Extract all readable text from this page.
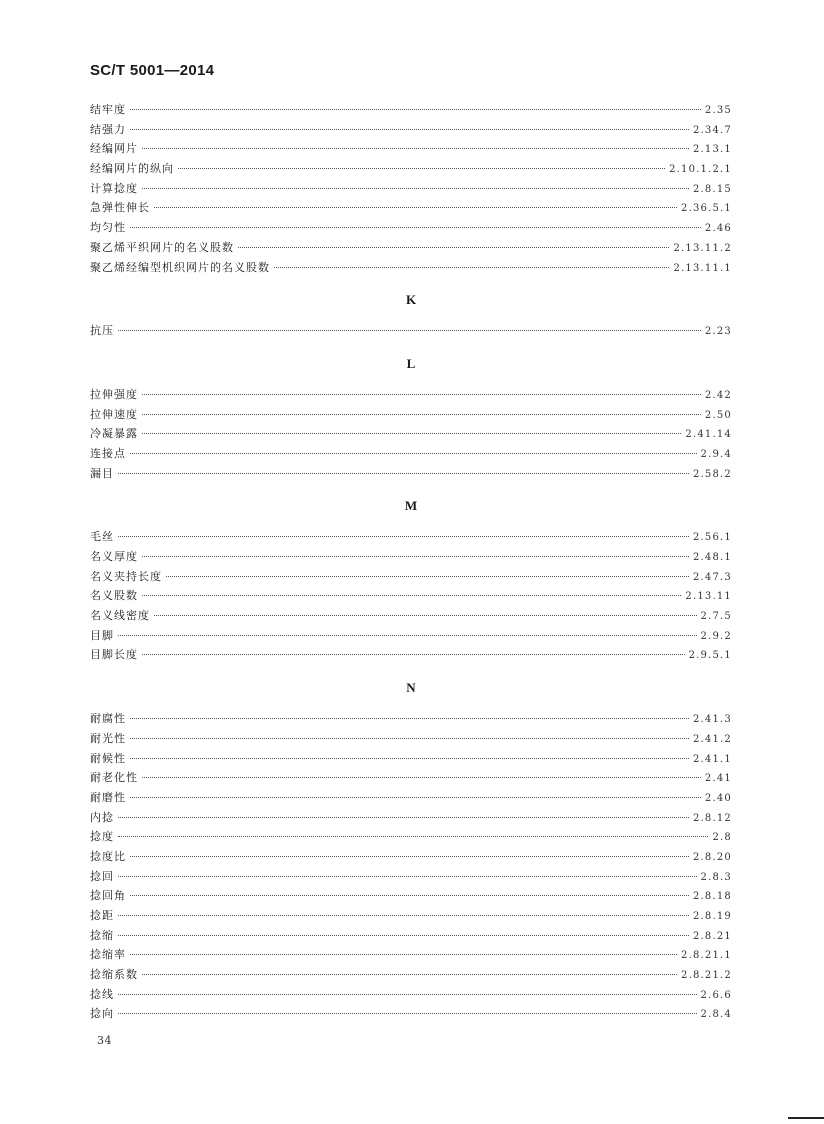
SC/T 5001—2014
结牢度	2.35
结强力	2.34.7
经编网片	2.13.1
经编网片的纵向	2.10.1.2.1
计算捻度	2.8.15
急弹性伸长	2.36.5.1
均匀性	2.46
聚乙烯平织网片的名义股数	2.13.11.2
聚乙烯经编型机织网片的名义股数	2.13.11.1
K
抗压	2.23
L
拉伸强度	2.42
拉伸速度	2.50
冷凝暴露	2.41.14
连接点	2.9.4
漏目	2.58.2
M
毛丝	2.56.1
名义厚度	2.48.1
名义夹持长度	2.47.3
名义股数	2.13.11
名义线密度	2.7.5
目脚	2.9.2
目脚长度	2.9.5.1
N
耐腐性	2.41.3
耐光性	2.41.2
耐候性	2.41.1
耐老化性	2.41
耐磨性	2.40
内捻	2.8.12
捻度	2.8
捻度比	2.8.20
捻回	2.8.3
捻回角	2.8.18
捻距	2.8.19
捻缩	2.8.21
捻缩率	2.8.21.1
捻缩系数	2.8.21.2
捻线	2.6.6
捻向	2.8.4
34
